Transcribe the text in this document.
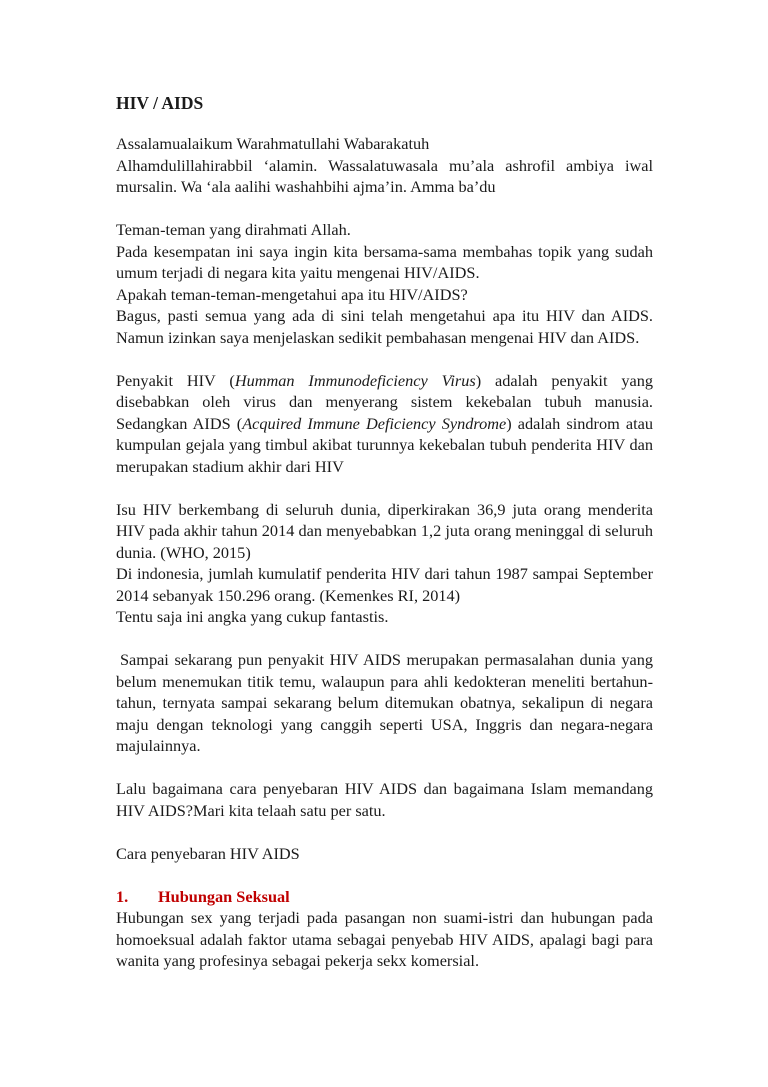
HIV / AIDS

Assalamualaikum Warahmatullahi Wabarakatuh

Alhamdulillahirabbil ‘alamin. Wassalatuwasala mu’ala ashrofil ambiya iwal mursalin. Wa ‘ala aalihi washahbihi ajma’in. Amma ba’du

Teman-teman yang dirahmati Allah.

Pada kesempatan ini saya ingin kita bersama-sama membahas topik yang sudah umum terjadi di negara kita yaitu mengenai HIV/AIDS.

Apakah teman-teman-mengetahui apa itu HIV/AIDS?

Bagus, pasti semua yang ada di sini telah mengetahui apa itu HIV dan AIDS. Namun izinkan saya menjelaskan sedikit pembahasan mengenai HIV dan AIDS.

Penyakit HIV (Humman Immunodeficiency Virus) adalah penyakit yang disebabkan oleh virus dan menyerang sistem kekebalan tubuh manusia. Sedangkan AIDS (Acquired Immune Deficiency Syndrome) adalah sindrom atau kumpulan gejala yang timbul akibat turunnya kekebalan tubuh penderita HIV dan merupakan stadium akhir dari HIV

Isu HIV berkembang di seluruh dunia, diperkirakan 36,9 juta orang menderita HIV pada akhir tahun 2014 dan menyebabkan 1,2 juta orang meninggal di seluruh dunia. (WHO, 2015)

Di indonesia, jumlah kumulatif penderita HIV dari tahun 1987 sampai September 2014 sebanyak 150.296 orang. (Kemenkes RI, 2014)

Tentu saja ini angka yang cukup fantastis.

Sampai sekarang pun penyakit HIV AIDS merupakan permasalahan dunia yang belum menemukan titik temu, walaupun para ahli kedokteran meneliti bertahun-tahun, ternyata sampai sekarang belum ditemukan obatnya, sekalipun di negara maju dengan teknologi yang canggih seperti USA, Inggris dan negara-negara majulainnya.

Lalu bagaimana cara penyebaran HIV AIDS dan bagaimana Islam memandang HIV AIDS?Mari kita telaah satu per satu.

Cara penyebaran HIV AIDS

1.	Hubungan Seksual

Hubungan sex yang terjadi pada pasangan non suami-istri dan hubungan pada homoeksual adalah faktor utama sebagai penyebab HIV AIDS, apalagi bagi para wanita yang profesinya sebagai pekerja sekx komersial.
